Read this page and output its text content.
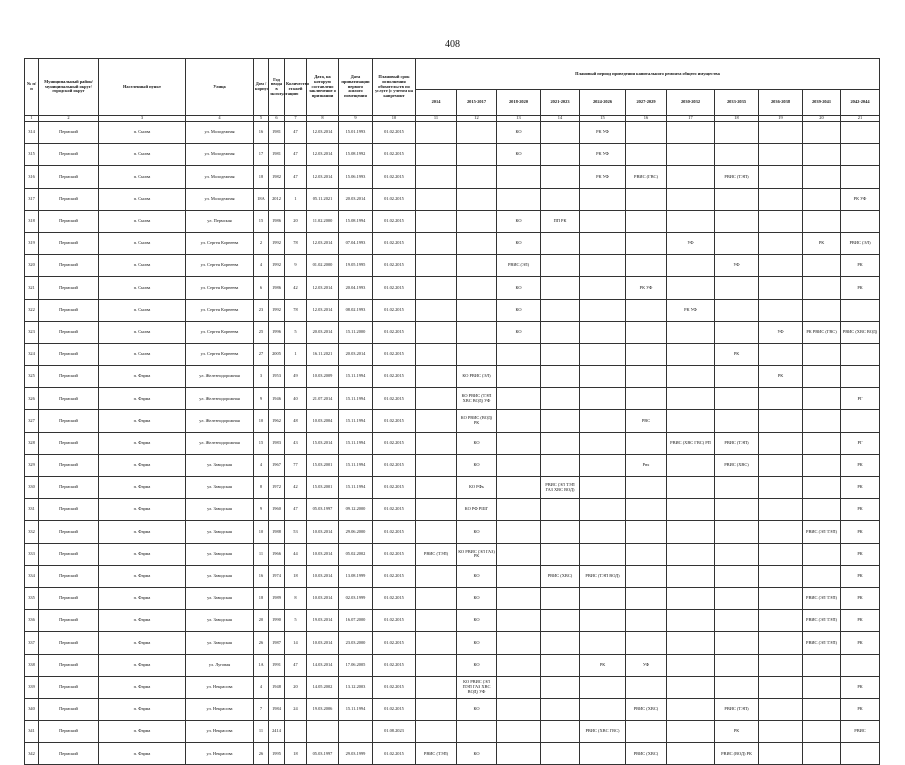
408
№ п/п	Муниципальный район/ муниципальный округ/городской округ	Населенный пункт	Улица	Дом / корпус	Год ввода в эксплуатацию	Количество этажей	Дата, на которую составлено заключение о признании	Дата приватизации первого жилого помещения	Плановый срок исполнения обязательств по услуге (с учетом на капремонт	Плановый период проведения капитального ремонта общего имущества										
										2014	2015-2017	2018-2020	2021-2023	2024-2026	2027-2029	2030-2032	2033-2035	2036-2038	2039-2041	2042-2044
1	2	3	4	5	6	7	8	9	10	11	12	13	14	15	16	17	18	19	20	21
314	Пермский	п. Сылва	ул. Молодежная	16	1981	47	12.03.2014	15.01.1993	01.02.2015			КО		РК УФ						
315	Пермский	п. Сылва	ул. Молодежная	17	1981	47	12.03.2014	15.08.1992	01.02.2015			КО		РК УФ						
316	Пермский	п. Сылва	ул. Молодежная	18	1982	47	12.03.2014	15.06.1993	01.02.2015					РК УФ	РВИС (ГВС)		РВИС (ТЭП)			
317	Пермский	п. Сылва	ул. Молодежная	18А	2012	1	05.11.2021	20.03.2014	01.02.2015											РК УФ
318	Пермский	п. Сылва	ул. Пермская	15	1986	20	11.02.2000	15.08.1994	01.02.2015			КО	ПП РК							
319	Пермский	п. Сылва	ул. Сергея Корнеева	2	1992	78	12.03.2014	07.04.1993	01.02.2015			КО				УФ			РК	РВИС (ЭЛ)
320	Пермский	п. Сылва	ул. Сергея Корнеева	4	1992	9	01.02.2000	19.05.1995	01.02.2015			РВИС (ЭЛ)					УФ			РК
321	Пермский	п. Сылва	ул. Сергея Корнеева	6	1986	42	12.03.2014	20.04.1993	01.02.2015			КО			РК УФ					РК
322	Пермский	п. Сылва	ул. Сергея Корнеева	23	1992	78	12.03.2014	08.02.1993	01.02.2015			КО				РК УФ				
323	Пермский	п. Сылва	ул. Сергея Корнеева	25	1996	5	20.03.2014	15.11.2000	01.02.2015			КО						УФ	РК РВИС (ГВС)	РВИС (ХВС ВОД)
324	Пермский	п. Сылва	ул. Сергея Корнеева	27	2005	1	16.11.2021	20.03.2014	01.02.2015								РК			
325	Пермский	п. Фарма	ул. Железнодорожная	3	1953	49	10.03.2009	15.11.1994	01.02.2015		КО РВИС (ЭЛ)							РК		
326	Пермский	п. Фарма	ул. Железнодорожная	9	1946	40	21.07.2014	15.11.1994	01.02.2015		КО РВИС (ТЭП ХВС ВОД) УФ									РГ
327	Пермский	п. Фарма	ул. Железнодорожная	10	1962	48	10.03.2004	15.11.1994	01.02.2015		КО РВИС (ВОД) РК				РВС					
328	Пермский	п. Фарма	ул. Железнодорожная	15	1983	43	15.03.2014	15.11.1994	01.02.2015		КО					РВИС (ХВС ГВС) РП	РВИС (ТЭП)			РГ
329	Пермский	п. Фарма	ул. Заводская	4	1967	77	15.03.2001	15.11.1994	01.02.2015		КО				Рвх		РВИС (ХВС)			РК
330	Пермский	п. Фарма	ул. Заводская	8	1972	42	15.03.2001	15.11.1994	01.02.2015		КО РФь		РВИС (ЭЛ ТЭП ГАЗ ХВС ВОД)							РК
331	Пермский	п. Фарма	ул. Заводская	9	1960	47	05.03.1997	09.12.2000	01.02.2015		КО РФ РШГ									РК
332	Пермский	п. Фарма	ул. Заводская	10	1988	53	10.03.2014	29.06.2000	01.02.2015		КО								РВИС (ЭЛ ТЭП)	РК
333	Пермский	п. Фарма	ул. Заводская	11	1966	44	10.03.2014	05.02.2002	01.02.2015	РВИС (ТЭП)	КО РВИС (ЭЛ ГАЗ) РК									РК
334	Пермский	п. Фарма	ул. Заводская	16	1974	18	10.03.2014	13.08.1999	01.02.2015		КО		РВИС (ХВС)	РВИС (ТЭП ВОД)						РК
335	Пермский	п. Фарма	ул. Заводская	18	1989	8	10.03.2014	02.03.1999	01.02.2015		КО								РВИС (ЭЛ ТЭП)	РК
336	Пермский	п. Фарма	ул. Заводская	20	1990	5	19.03.2014	16.07.2000	01.02.2015		КО								РВИС (ЭЛ ТЭП)	РК
337	Пермский	п. Фарма	ул. Заводская	26	1987	14	10.03.2014	23.03.2000	01.02.2015		КО								РВИС (ЭЛ ТЭП)	РК
338	Пермский	п. Фарма	ул. Луговая	1А	1991	47	14.03.2014	17.06.2005	01.02.2015		КО			РК	УФ					
339	Пермский	п. Фарма	ул. Некрасова	4	1948	20	14.05.2002	13.12.2003	01.02.2015		КО РВИС (ЭЛ ПЭП ГАЗ ХВС ВОД) УФ									РК
340	Пермский	п. Фарма	ул. Некрасова	7	1984	24	19.03.2006	15.11.1994	01.02.2015		КО				РВИС (ХВС)		РВИС (ТЭП)			РК
341	Пермский	п. Фарма	ул. Некрасова	11	2414				01.08.2023					РВИС (ХВС ГВС)			РК			РВИС
342	Пермский	п. Фарма	ул. Некрасова	26	1995	18	05.03.1997	29.03.1999	01.02.2015	РВИС (ТЭП)	КО				РВИС (ХВС)		РВИС (ВОД) РК			
